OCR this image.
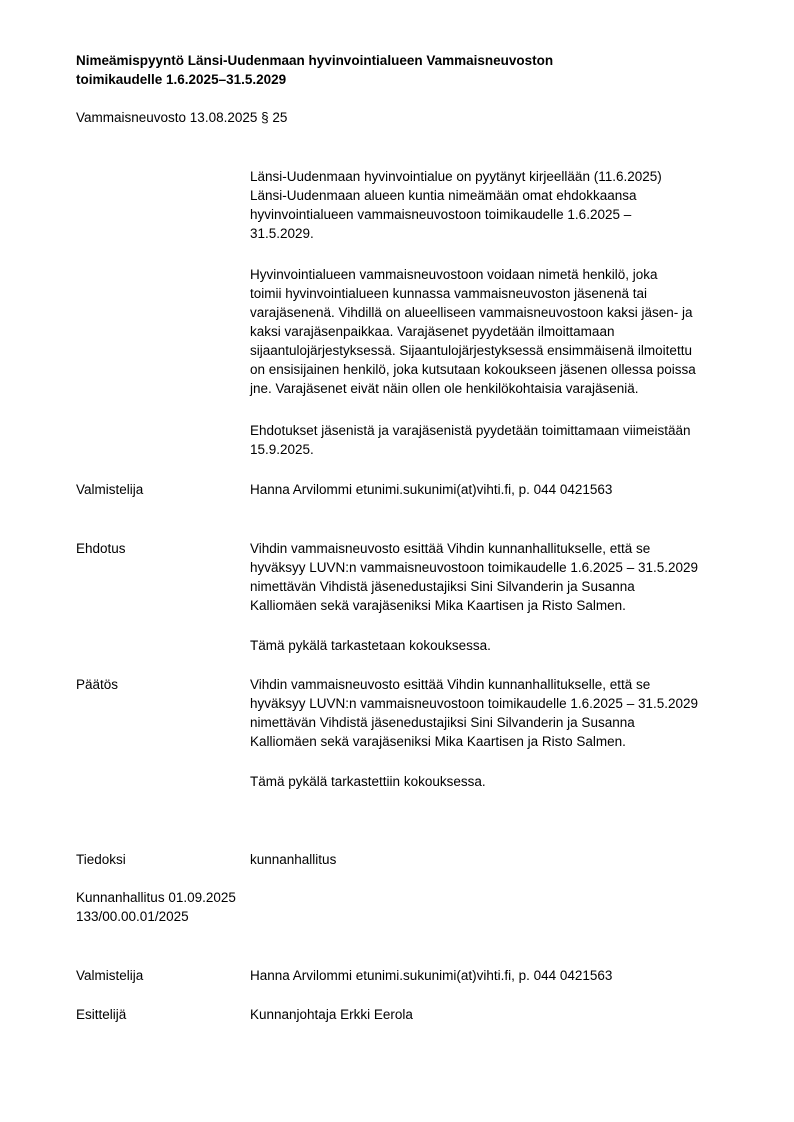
Nimeämispyyntö Länsi-Uudenmaan hyvinvointialueen Vammaisneuvoston
toimikaudelle 1.6.2025–31.5.2029
Vammaisneuvosto 13.08.2025 § 25
Länsi-Uudenmaan hyvinvointialue on pyytänyt kirjeellään (11.6.2025)
Länsi-Uudenmaan alueen kuntia nimeämään omat ehdokkaansa
hyvinvointialueen vammaisneuvostoon toimikaudelle 1.6.2025 –
31.5.2029.
Hyvinvointialueen vammaisneuvostoon voidaan nimetä henkilö, joka
toimii hyvinvointialueen kunnassa vammaisneuvoston jäsenenä tai
varajäsenenä. Vihdillä on alueelliseen vammaisneuvostoon kaksi jäsen- ja
kaksi varajäsenpaikkaa. Varajäsenet pyydetään ilmoittamaan
sijaantulojärjestyksessä. Sijaantulojärjestyksessä ensimmäisenä ilmoitettu
on ensisijainen henkilö, joka kutsutaan kokoukseen jäsenen ollessa poissa
jne. Varajäsenet eivät näin ollen ole henkilökohtaisia varajäseniä.
Ehdotukset jäsenistä ja varajäsenistä pyydetään toimittamaan viimeistään
15.9.2025.
Valmistelija	Hanna Arvilommi etunimi.sukunimi(at)vihti.fi, p. 044 0421563
Ehdotus	Vihdin vammaisneuvosto esittää Vihdin kunnanhallitukselle, että se
hyväksyy LUVN:n vammaisneuvostoon toimikaudelle 1.6.2025 – 31.5.2029
nimettävän Vihdistä jäsenedustajiksi Sini Silvanderin ja Susanna
Kalliomäen sekä varajäseniksi Mika Kaartisen ja Risto Salmen.
Tämä pykälä tarkastetaan kokouksessa.
Päätös	Vihdin vammaisneuvosto esittää Vihdin kunnanhallitukselle, että se
hyväksyy LUVN:n vammaisneuvostoon toimikaudelle 1.6.2025 – 31.5.2029
nimettävän Vihdistä jäsenedustajiksi Sini Silvanderin ja Susanna
Kalliomäen sekä varajäseniksi Mika Kaartisen ja Risto Salmen.
Tämä pykälä tarkastettiin kokouksessa.
Tiedoksi	kunnanhallitus
Kunnanhallitus 01.09.2025
133/00.00.01/2025
Valmistelija	Hanna Arvilommi etunimi.sukunimi(at)vihti.fi, p. 044 0421563
Esittelijä	Kunnanjohtaja Erkki Eerola
